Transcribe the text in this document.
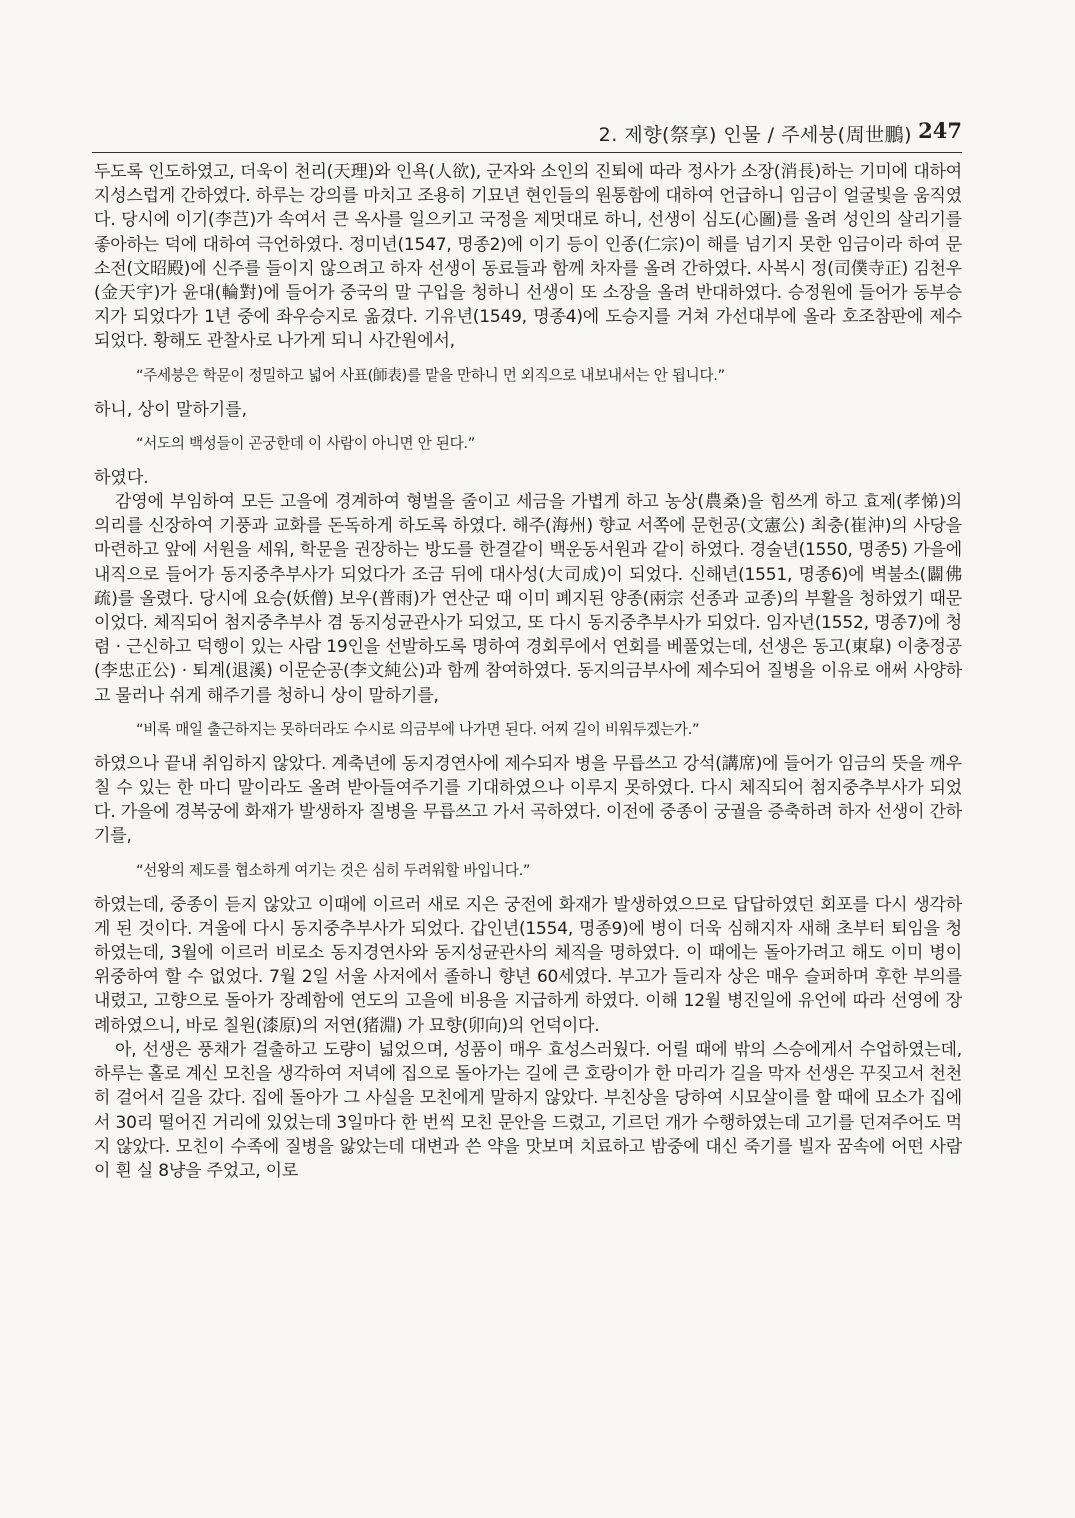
2. 제향(祭享) 인물 / 주세붕(周世鵬) 247

두도록 인도하였고, 더욱이 천리(天理)와 인욕(人欲), 군자와 소인의 진퇴에 따라 정사가 소장(消長)하는 기미에 대하여 지성스럽게 간하였다. 하루는 강의를 마치고 조용히 기묘년 현인들의 원통함에 대하여 언급하니 임금이 얼굴빛을 움직였다. 당시에 이기(李芑)가 속여서 큰 옥사를 일으키고 국정을 제멋대로 하니, 선생이 심도(心圖)를 올려 성인의 살리기를 좋아하는 덕에 대하여 극언하였다. 정미년(1547, 명종2)에 이기 등이 인종(仁宗)이 해를 넘기지 못한 임금이라 하여 문소전(文昭殿)에 신주를 들이지 않으려고 하자 선생이 동료들과 함께 차자를 올려 간하였다. 사복시 정(司僕寺正) 김천우(金天宇)가 윤대(輪對)에 들어가 중국의 말 구입을 청하니 선생이 또 소장을 올려 반대하였다. 승정원에 들어가 동부승지가 되었다가 1년 중에 좌우승지로 옮겼다. 기유년(1549, 명종4)에 도승지를 거쳐 가선대부에 올라 호조참판에 제수되었다. 황해도 관찰사로 나가게 되니 사간원에서,

“주세붕은 학문이 정밀하고 넓어 사표(師表)를 맡을 만하니 먼 외직으로 내보내서는 안 됩니다.”

하니, 상이 말하기를,

“서도의 백성들이 곤궁한데 이 사람이 아니면 안 된다.”

하였다.

감영에 부임하여 모든 고을에 경계하여 형벌을 줄이고 세금을 가볍게 하고 농상(農桑)을 힘쓰게 하고 효제(孝悌)의 의리를 신장하여 기풍과 교화를 돈독하게 하도록 하였다. 해주(海州) 향교 서쪽에 문헌공(文憲公) 최충(崔沖)의 사당을 마련하고 앞에 서원을 세워, 학문을 권장하는 방도를 한결같이 백운동서원과 같이 하였다. 경술년(1550, 명종5) 가을에 내직으로 들어가 동지중추부사가 되었다가 조금 뒤에 대사성(大司成)이 되었다. 신해년(1551, 명종6)에 벽불소(闢佛疏)를 올렸다. 당시에 요승(妖僧) 보우(普雨)가 연산군 때 이미 폐지된 양종(兩宗 선종과 교종)의 부활을 청하였기 때문이었다. 체직되어 첨지중추부사 겸 동지성균관사가 되었고, 또 다시 동지중추부사가 되었다. 임자년(1552, 명종7)에 청렴 · 근신하고 덕행이 있는 사람 19인을 선발하도록 명하여 경회루에서 연회를 베풀었는데, 선생은 동고(東皐) 이충정공(李忠正公) · 퇴계(退溪) 이문순공(李文純公)과 함께 참여하였다. 동지의금부사에 제수되어 질병을 이유로 애써 사양하고 물러나 쉬게 해주기를 청하니 상이 말하기를,

“비록 매일 출근하지는 못하더라도 수시로 의금부에 나가면 된다. 어찌 길이 비워두겠는가.”

하였으나 끝내 취임하지 않았다. 계축년에 동지경연사에 제수되자 병을 무릅쓰고 강석(講席)에 들어가 임금의 뜻을 깨우칠 수 있는 한 마디 말이라도 올려 받아들여주기를 기대하였으나 이루지 못하였다. 다시 체직되어 첨지중추부사가 되었다. 가을에 경복궁에 화재가 발생하자 질병을 무릅쓰고 가서 곡하였다. 이전에 중종이 궁궐을 증축하려 하자 선생이 간하기를,

“선왕의 제도를 협소하게 여기는 것은 심히 두려워할 바입니다.”

하였는데, 중종이 듣지 않았고 이때에 이르러 새로 지은 궁전에 화재가 발생하였으므로 답답하였던 회포를 다시 생각하게 된 것이다. 겨울에 다시 동지중추부사가 되었다. 갑인년(1554, 명종9)에 병이 더욱 심해지자 새해 초부터 퇴임을 청하였는데, 3월에 이르러 비로소 동지경연사와 동지성균관사의 체직을 명하였다. 이 때에는 돌아가려고 해도 이미 병이 위중하여 할 수 없었다. 7월 2일 서울 사저에서 졸하니 향년 60세였다. 부고가 들리자 상은 매우 슬퍼하며 후한 부의를 내렸고, 고향으로 돌아가 장례함에 연도의 고을에 비용을 지급하게 하였다. 이해 12월 병진일에 유언에 따라 선영에 장례하였으니, 바로 칠원(漆原)의 저연(猪淵) 가 묘향(卯向)의 언덕이다.

아, 선생은 풍채가 걸출하고 도량이 넓었으며, 성품이 매우 효성스러웠다. 어릴 때에 밖의 스승에게서 수업하였는데, 하루는 홀로 계신 모친을 생각하여 저녁에 집으로 돌아가는 길에 큰 호랑이가 한 마리가 길을 막자 선생은 꾸짖고서 천천히 걸어서 길을 갔다. 집에 돌아가 그 사실을 모친에게 말하지 않았다. 부친상을 당하여 시묘살이를 할 때에 묘소가 집에서 30리 떨어진 거리에 있었는데 3일마다 한 번씩 모친 문안을 드렸고, 기르던 개가 수행하였는데 고기를 던져주어도 먹지 않았다. 모친이 수족에 질병을 앓았는데 대변과 쓴 약을 맛보며 치료하고 밤중에 대신 죽기를 빌자 꿈속에 어떤 사람이 흰 실 8냥을 주었고, 이로
